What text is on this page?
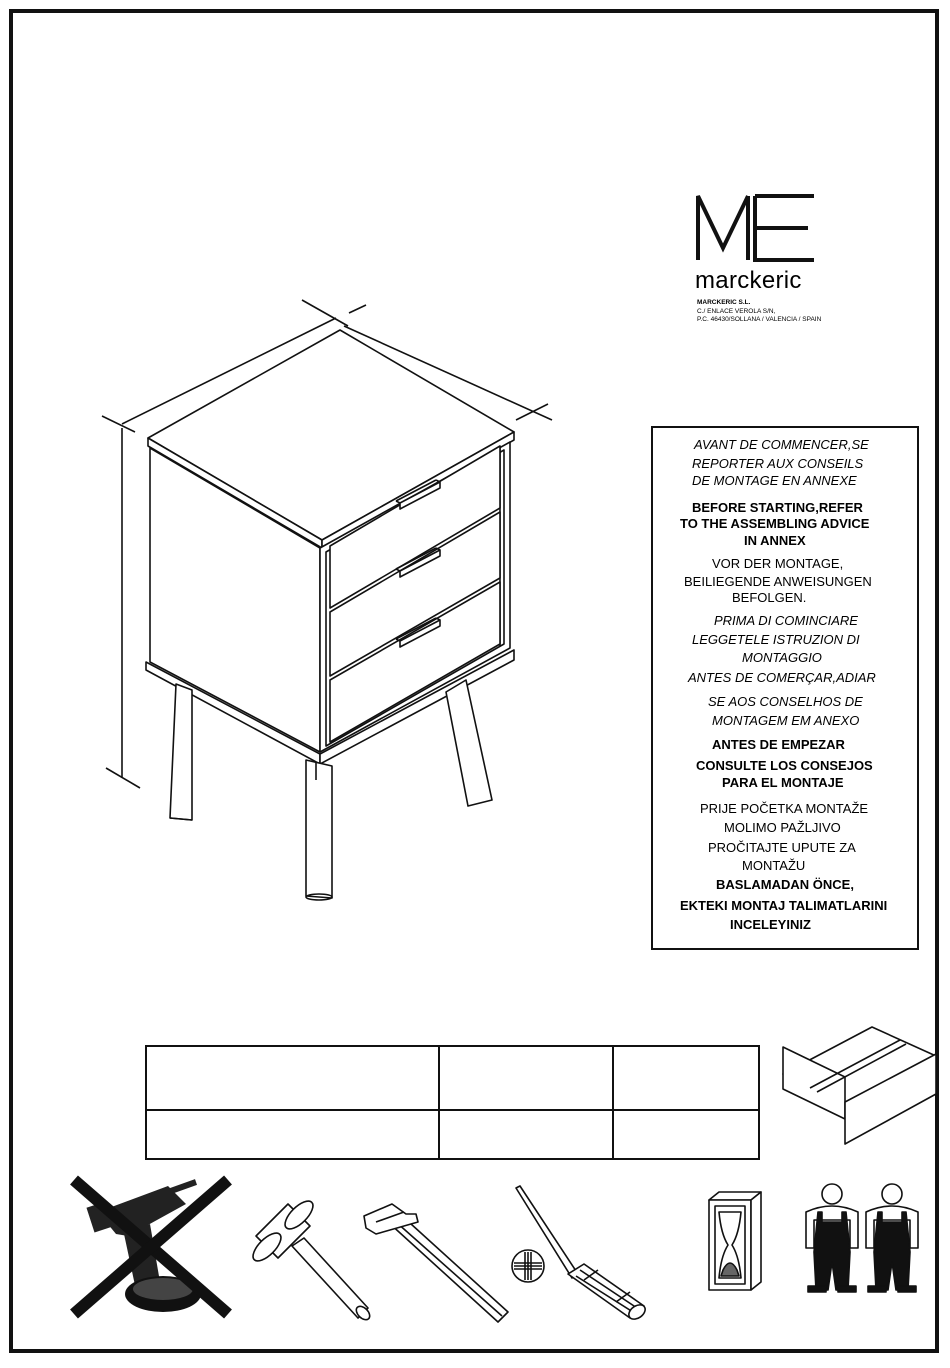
marckeric
MARCKERIC S.L.
C./ ENLACE VEROLA S/N,
P.C. 46430/SOLLANA / VALENCIA / SPAIN
AVANT DE COMMENCER,SE
REPORTER AUX CONSEILS
DE MONTAGE EN ANNEXE
BEFORE STARTING,REFER
TO THE ASSEMBLING ADVICE
IN ANNEX
VOR DER MONTAGE,
BEILIEGENDE ANWEISUNGEN
BEFOLGEN.
PRIMA DI COMINCIARE
LEGGETELE ISTRUZION DI
MONTAGGIO
ANTES DE COMERÇAR,ADIAR
SE AOS CONSELHOS DE
MONTAGEM EM ANEXO
ANTES DE EMPEZAR
CONSULTE LOS CONSEJOS
PARA EL MONTAJE
PRIJE POČETKA MONTAŽE
MOLIMO PAŽLJIVO
PROČITAJTE UPUTE ZA
MONTAŽU
BASLAMADAN ÖNCE,
EKTEKI MONTAJ TALIMATLARINI
INCELEYINIZ
